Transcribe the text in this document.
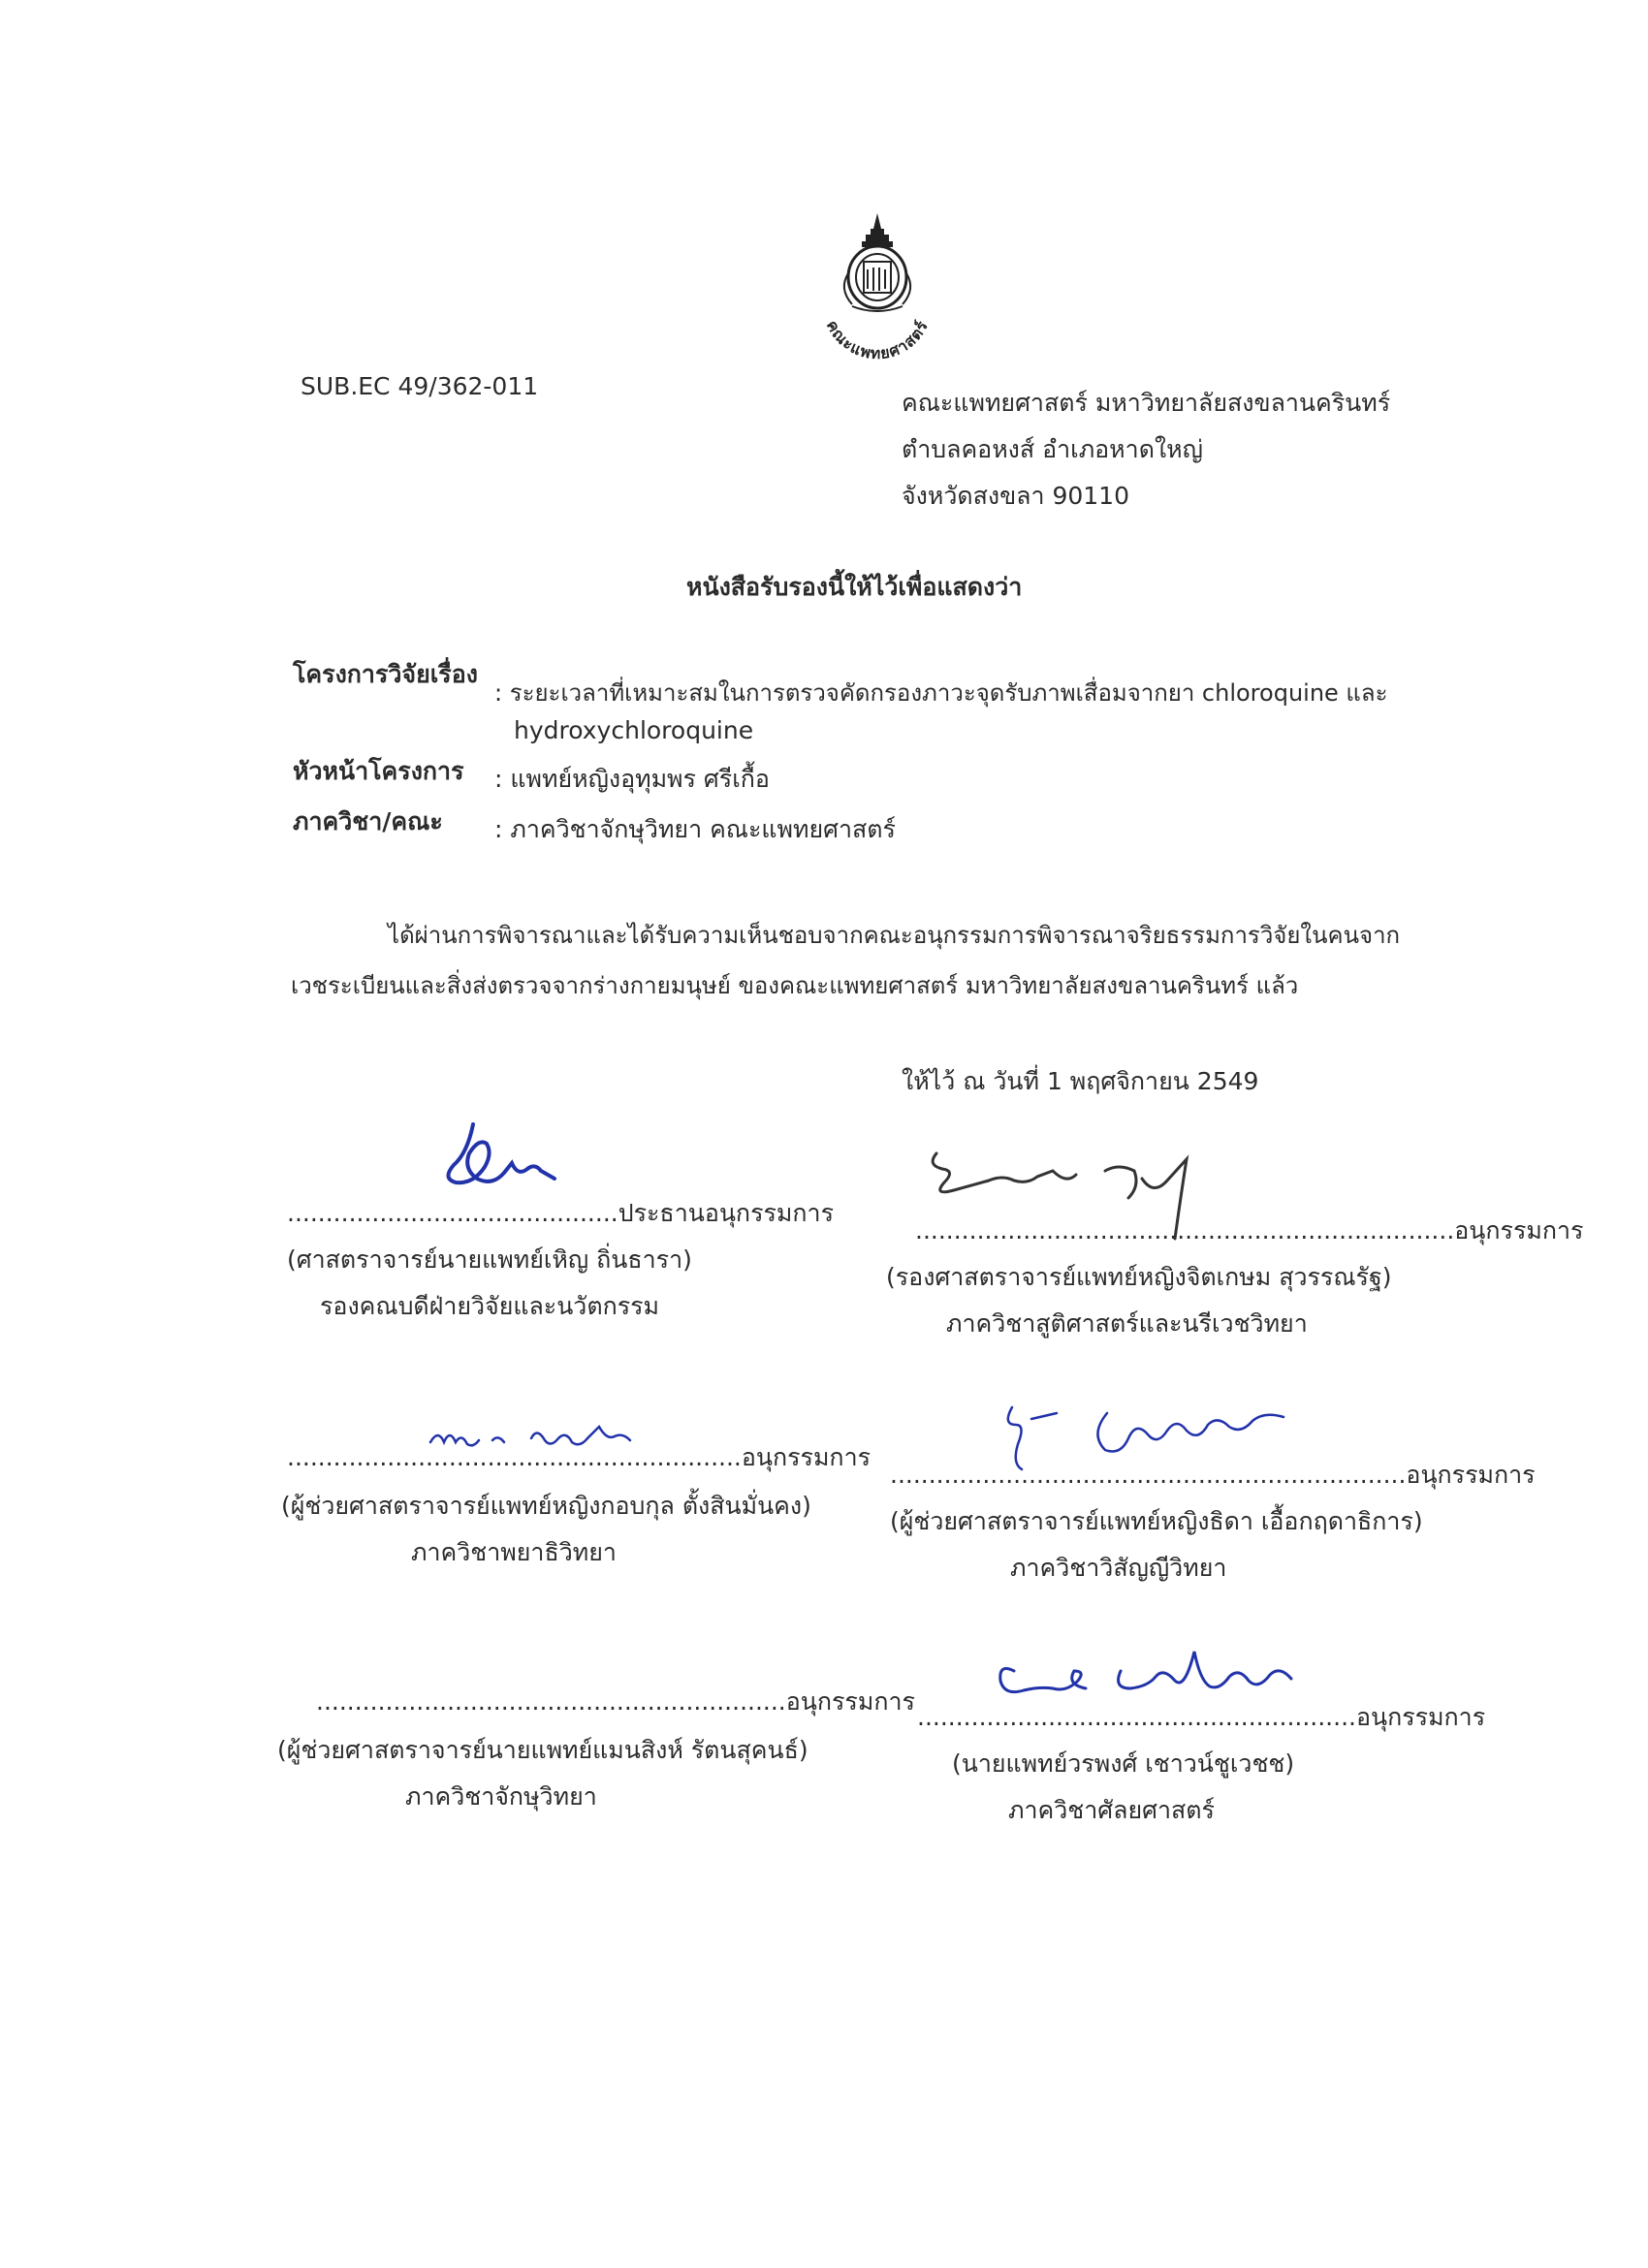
คณะแพทยศาสตร์
SUB.EC 49/362-011
คณะแพทยศาสตร์ มหาวิทยาลัยสงขลานครินทร์
ตำบลคอหงส์ อำเภอหาดใหญ่
จังหวัดสงขลา 90110
หนังสือรับรองนี้ให้ไว้เพื่อแสดงว่า
โครงการวิจัยเรื่อง
: ระยะเวลาที่เหมาะสมในการตรวจคัดกรองภาวะจุดรับภาพเสื่อมจากยา chloroquine และ
hydroxychloroquine
หัวหน้าโครงการ : แพทย์หญิงอุทุมพร ศรีเกื้อ
ภาควิชา/คณะ : ภาควิชาจักษุวิทยา คณะแพทยศาสตร์
ได้ผ่านการพิจารณาและได้รับความเห็นชอบจากคณะอนุกรรมการพิจารณาจริยธรรมการวิจัยในคนจาก
เวชระเบียนและสิ่งส่งตรวจจากร่างกายมนุษย์ ของคณะแพทยศาสตร์ มหาวิทยาลัยสงขลานครินทร์ แล้ว
ให้ไว้ ณ วันที่ 1 พฤศจิกายน 2549
...........................................ประธานอนุกรรมการ
(ศาสตราจารย์นายแพทย์เหิญ ถิ่นธารา)
รองคณบดีฝ่ายวิจัยและนวัตกรรม
......................................................................อนุกรรมการ
(รองศาสตราจารย์แพทย์หญิงจิตเกษม สุวรรณรัฐ)
ภาควิชาสูติศาสตร์และนรีเวชวิทยา
...........................................................อนุกรรมการ
(ผู้ช่วยศาสตราจารย์แพทย์หญิงกอบกุล ตั้งสินมั่นคง)
ภาควิชาพยาธิวิทยา
...................................................................อนุกรรมการ
(ผู้ช่วยศาสตราจารย์แพทย์หญิงธิดา เอื้อกฤดาธิการ)
ภาควิชาวิสัญญีวิทยา
.............................................................อนุกรรมการ
(ผู้ช่วยศาสตราจารย์นายแพทย์แมนสิงห์ รัตนสุคนธ์)
ภาควิชาจักษุวิทยา
.........................................................อนุกรรมการ
(นายแพทย์วรพงศ์ เชาวน์ชูเวชช)
ภาควิชาศัลยศาสตร์
